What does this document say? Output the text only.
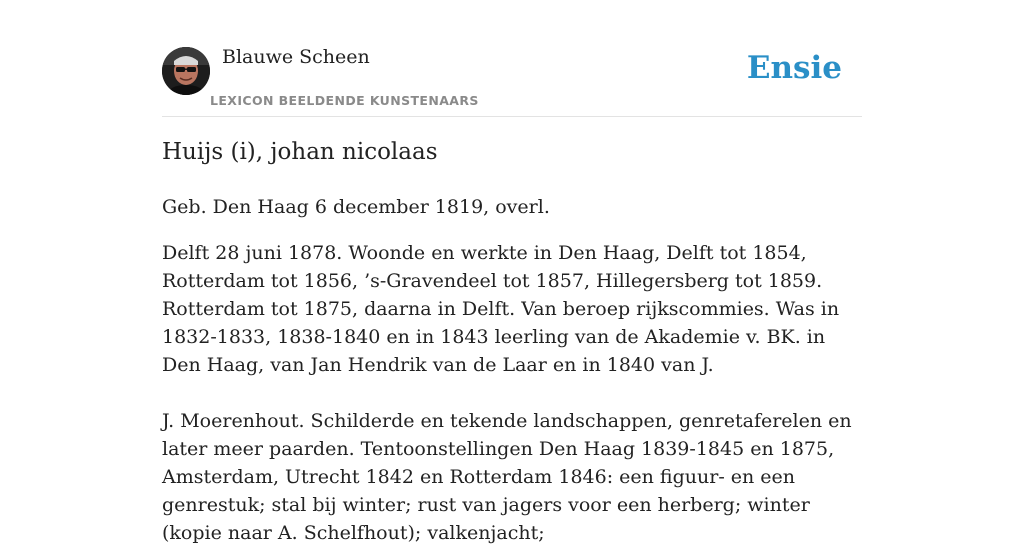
Blauwe Scheen
LEXICON BEELDENDE KUNSTENAARS
Ensie
Huijs (i), johan nicolaas

Geb. Den Haag 6 december 1819, overl.

Delft 28 juni 1878. Woonde en werkte in Den Haag, Delft tot 1854, Rotterdam tot 1856, ’s-Gravendeel tot 1857, Hillegersberg tot 1859. Rotterdam tot 1875, daarna in Delft. Van beroep rijkscommies. Was in 1832-1833, 1838-1840 en in 1843 leerling van de Akademie v. BK. in Den Haag, van Jan Hendrik van de Laar en in 1840 van J.
J. Moerenhout. Schilderde en tekende landschappen, genretaferelen en later meer paarden. Tentoonstellingen Den Haag 1839-1845 en 1875, Amsterdam, Utrecht 1842 en Rotterdam 1846: een figuur- en een genrestuk; stal bij winter; rust van jagers voor een herberg; winter (kopie naar A. Schelfhout); valkenjacht;
